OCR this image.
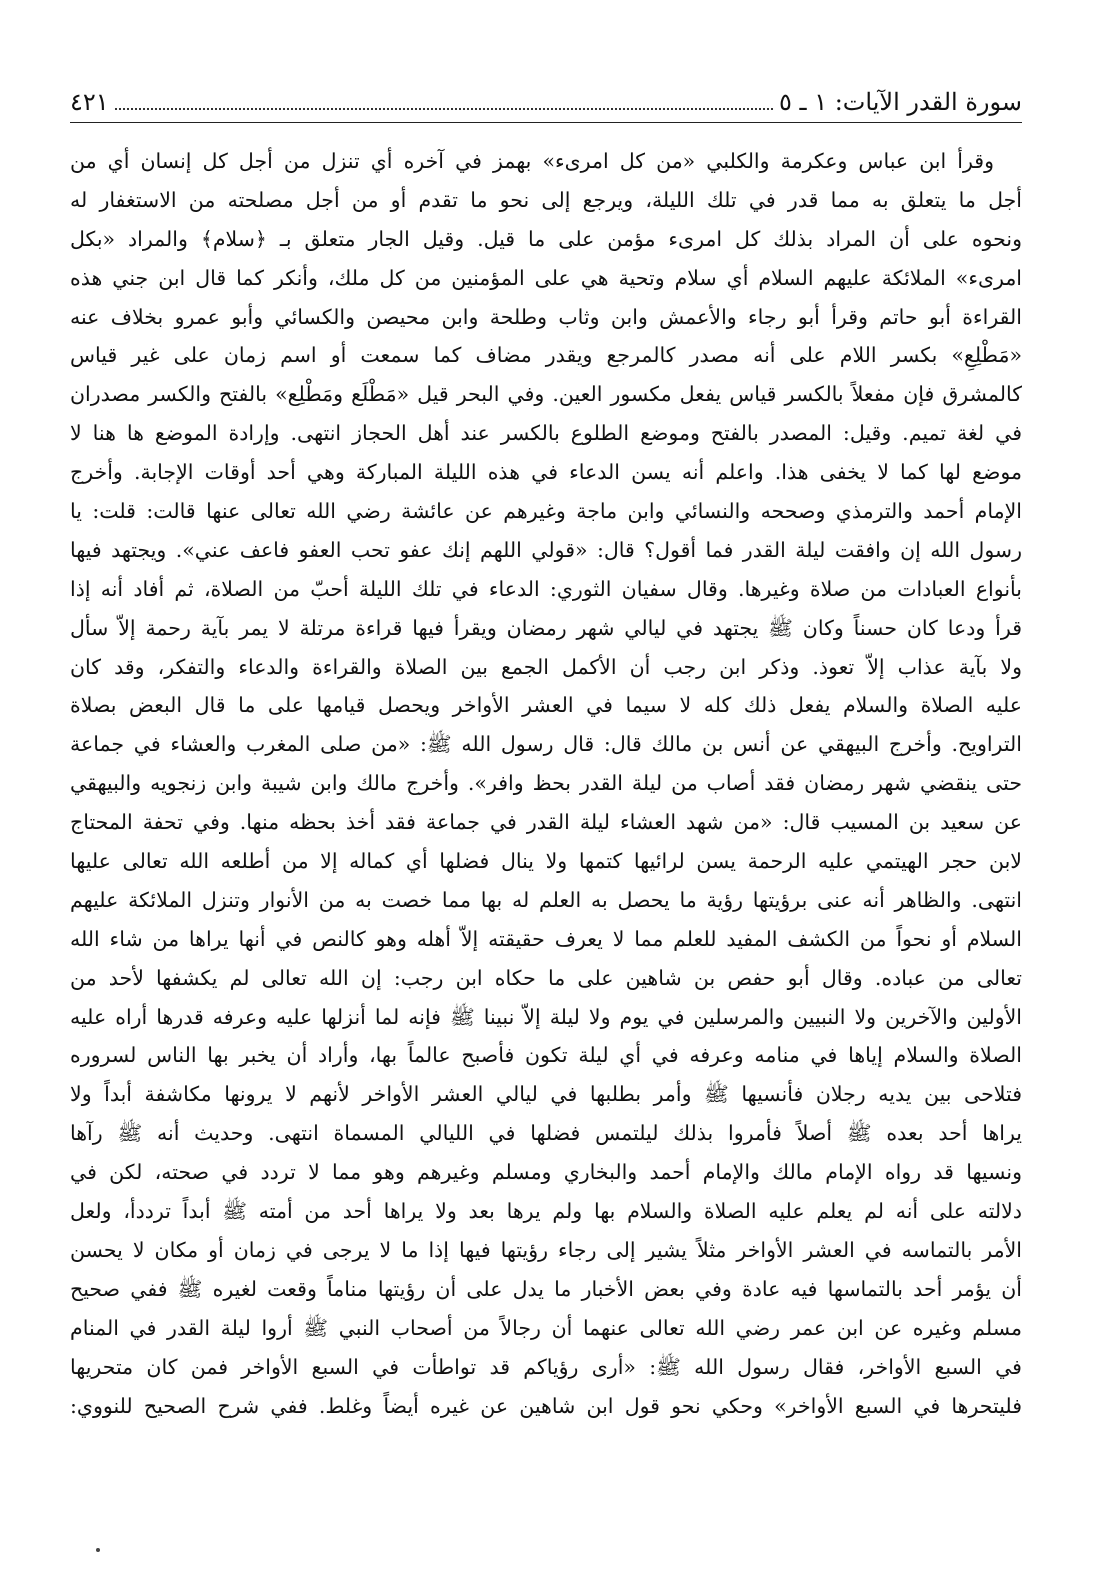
سورة القدر الآيات: ١ ـ ٥
٤٢١
وقرأ ابن عباس وعكرمة والكلبي «من كل امرىء» بهمز في آخره أي تنزل من أجل كل إنسان أي من
أجل ما يتعلق به مما قدر في تلك الليلة، ويرجع إلى نحو ما تقدم أو من أجل مصلحته من الاستغفار له
ونحوه على أن المراد بذلك كل امرىء مؤمن على ما قيل. وقيل الجار متعلق بـ ﴿سلام﴾ والمراد «بكل
امرىء» الملائكة عليهم السلام أي سلام وتحية هي على المؤمنين من كل ملك، وأنكر كما قال ابن جني هذه
القراءة أبو حاتم وقرأ أبو رجاء والأعمش وابن وثاب وطلحة وابن محيصن والكسائي وأبو عمرو بخلاف عنه
«مَطْلِعِ» بكسر اللام على أنه مصدر كالمرجع ويقدر مضاف كما سمعت أو اسم زمان على غير قياس
كالمشرق فإن مفعلاً بالكسر قياس يفعل مكسور العين. وفي البحر قيل «مَطْلَع ومَطْلِع» بالفتح والكسر مصدران
في لغة تميم. وقيل: المصدر بالفتح وموضع الطلوع بالكسر عند أهل الحجاز انتهى. وإرادة الموضع ها هنا لا
موضع لها كما لا يخفى هذا. واعلم أنه يسن الدعاء في هذه الليلة المباركة وهي أحد أوقات الإجابة. وأخرج
الإمام أحمد والترمذي وصححه والنسائي وابن ماجة وغيرهم عن عائشة رضي الله تعالى عنها قالت: قلت: يا
رسول الله إن وافقت ليلة القدر فما أقول؟ قال: «قولي اللهم إنك عفو تحب العفو فاعف عني». ويجتهد فيها
بأنواع العبادات من صلاة وغيرها. وقال سفيان الثوري: الدعاء في تلك الليلة أحبّ من الصلاة، ثم أفاد أنه إذا
قرأ ودعا كان حسناً وكان ﷺ يجتهد في ليالي شهر رمضان ويقرأ فيها قراءة مرتلة لا يمر بآية رحمة إلاّ سأل
ولا بآية عذاب إلاّ تعوذ. وذكر ابن رجب أن الأكمل الجمع بين الصلاة والقراءة والدعاء والتفكر، وقد كان
عليه الصلاة والسلام يفعل ذلك كله لا سيما في العشر الأواخر ويحصل قيامها على ما قال البعض بصلاة
التراويح. وأخرج البيهقي عن أنس بن مالك قال: قال رسول الله ﷺ: «من صلى المغرب والعشاء في جماعة
حتى ينقضي شهر رمضان فقد أصاب من ليلة القدر بحظ وافر». وأخرج مالك وابن شيبة وابن زنجويه والبيهقي
عن سعيد بن المسيب قال: «من شهد العشاء ليلة القدر في جماعة فقد أخذ بحظه منها. وفي تحفة المحتاج
لابن حجر الهيتمي عليه الرحمة يسن لرائيها كتمها ولا ينال فضلها أي كماله إلا من أطلعه الله تعالى عليها
انتهى. والظاهر أنه عنى برؤيتها رؤية ما يحصل به العلم له بها مما خصت به من الأنوار وتنزل الملائكة عليهم
السلام أو نحواً من الكشف المفيد للعلم مما لا يعرف حقيقته إلاّ أهله وهو كالنص في أنها يراها من شاء الله
تعالى من عباده. وقال أبو حفص بن شاهين على ما حكاه ابن رجب: إن الله تعالى لم يكشفها لأحد من
الأولين والآخرين ولا النبيين والمرسلين في يوم ولا ليلة إلاّ نبينا ﷺ فإنه لما أنزلها عليه وعرفه قدرها أراه عليه
الصلاة والسلام إياها في منامه وعرفه في أي ليلة تكون فأصبح عالماً بها، وأراد أن يخبر بها الناس لسروره
فتلاحى بين يديه رجلان فأنسيها ﷺ وأمر بطلبها في ليالي العشر الأواخر لأنهم لا يرونها مكاشفة أبداً ولا
يراها أحد بعده ﷺ أصلاً فأمروا بذلك ليلتمس فضلها في الليالي المسماة انتهى. وحديث أنه ﷺ رآها
ونسيها قد رواه الإمام مالك والإمام أحمد والبخاري ومسلم وغيرهم وهو مما لا تردد في صحته، لكن في
دلالته على أنه لم يعلم عليه الصلاة والسلام بها ولم يرها بعد ولا يراها أحد من أمته ﷺ أبداً ترددأ، ولعل
الأمر بالتماسه في العشر الأواخر مثلاً يشير إلى رجاء رؤيتها فيها إذا ما لا يرجى في زمان أو مكان لا يحسن
أن يؤمر أحد بالتماسها فيه عادة وفي بعض الأخبار ما يدل على أن رؤيتها مناماً وقعت لغيره ﷺ ففي صحيح
مسلم وغيره عن ابن عمر رضي الله تعالى عنهما أن رجالاً من أصحاب النبي ﷺ أروا ليلة القدر في المنام
في السبع الأواخر، فقال رسول الله ﷺ: «أرى رؤياكم قد تواطأت في السبع الأواخر فمن كان متحريها
فليتحرها في السبع الأواخر» وحكي نحو قول ابن شاهين عن غيره أيضاً وغلط. ففي شرح الصحيح للنووي:
